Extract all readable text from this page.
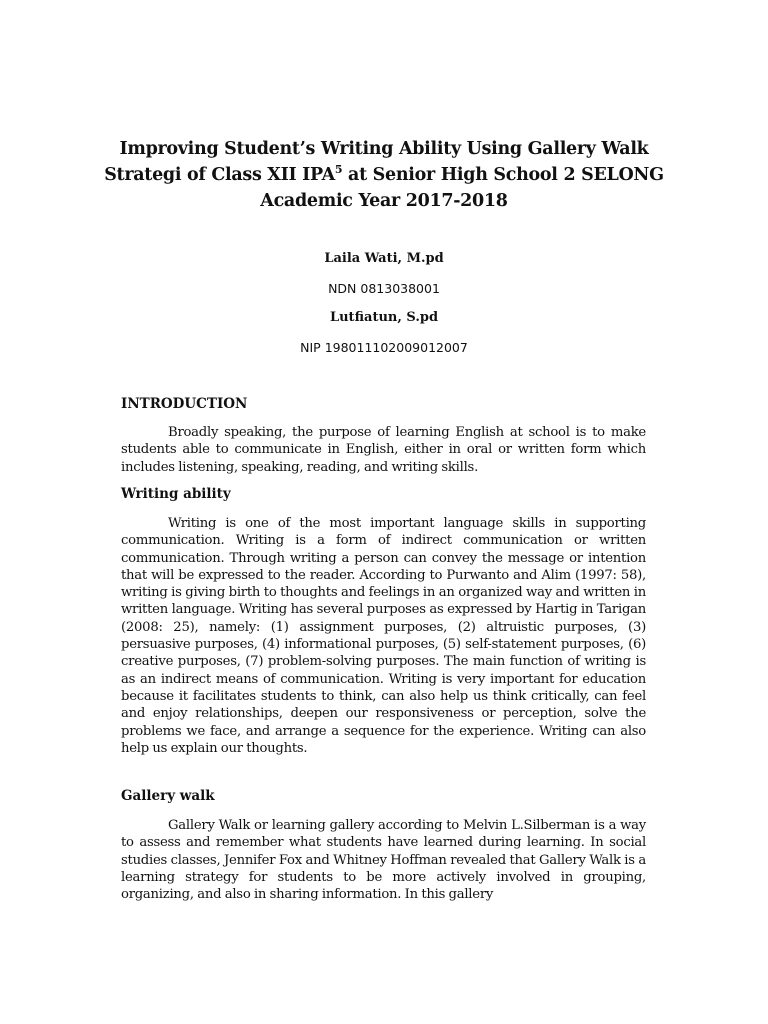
Improving Student’s Writing Ability Using Gallery Walk Strategi of Class XII IPA$^5$ at Senior High School 2 SELONG Academic Year 2017-2018
Laila Wati, M.pd
NDN 0813038001
Lutfiatun, S.pd
NIP 198011102009012007
INTRODUCTION
Broadly speaking, the purpose of learning English at school is to make students able to communicate in English, either in oral or written form which includes listening, speaking, reading, and writing skills.
Writing ability
Writing is one of the most important language skills in supporting communication. Writing is a form of indirect communication or written communication. Through writing a person can convey the message or intention that will be expressed to the reader. According to Purwanto and Alim (1997: 58), writing is giving birth to thoughts and feelings in an organized way and written in written language. Writing has several purposes as expressed by Hartig in Tarigan (2008: 25), namely: (1) assignment purposes, (2) altruistic purposes, (3) persuasive purposes, (4) informational purposes, (5) self-statement purposes, (6) creative purposes, (7) problem-solving purposes. The main function of writing is as an indirect means of communication. Writing is very important for education because it facilitates students to think, can also help us think critically, can feel and enjoy relationships, deepen our responsiveness or perception, solve the problems we face, and arrange a sequence for the experience. Writing can also help us explain our thoughts.
Gallery walk
Gallery Walk or learning gallery according to Melvin L.Silberman is a way to assess and remember what students have learned during learning. In social studies classes, Jennifer Fox and Whitney Hoffman revealed that Gallery Walk is a learning strategy for students to be more actively involved in grouping, organizing, and also in sharing information. In this gallery
